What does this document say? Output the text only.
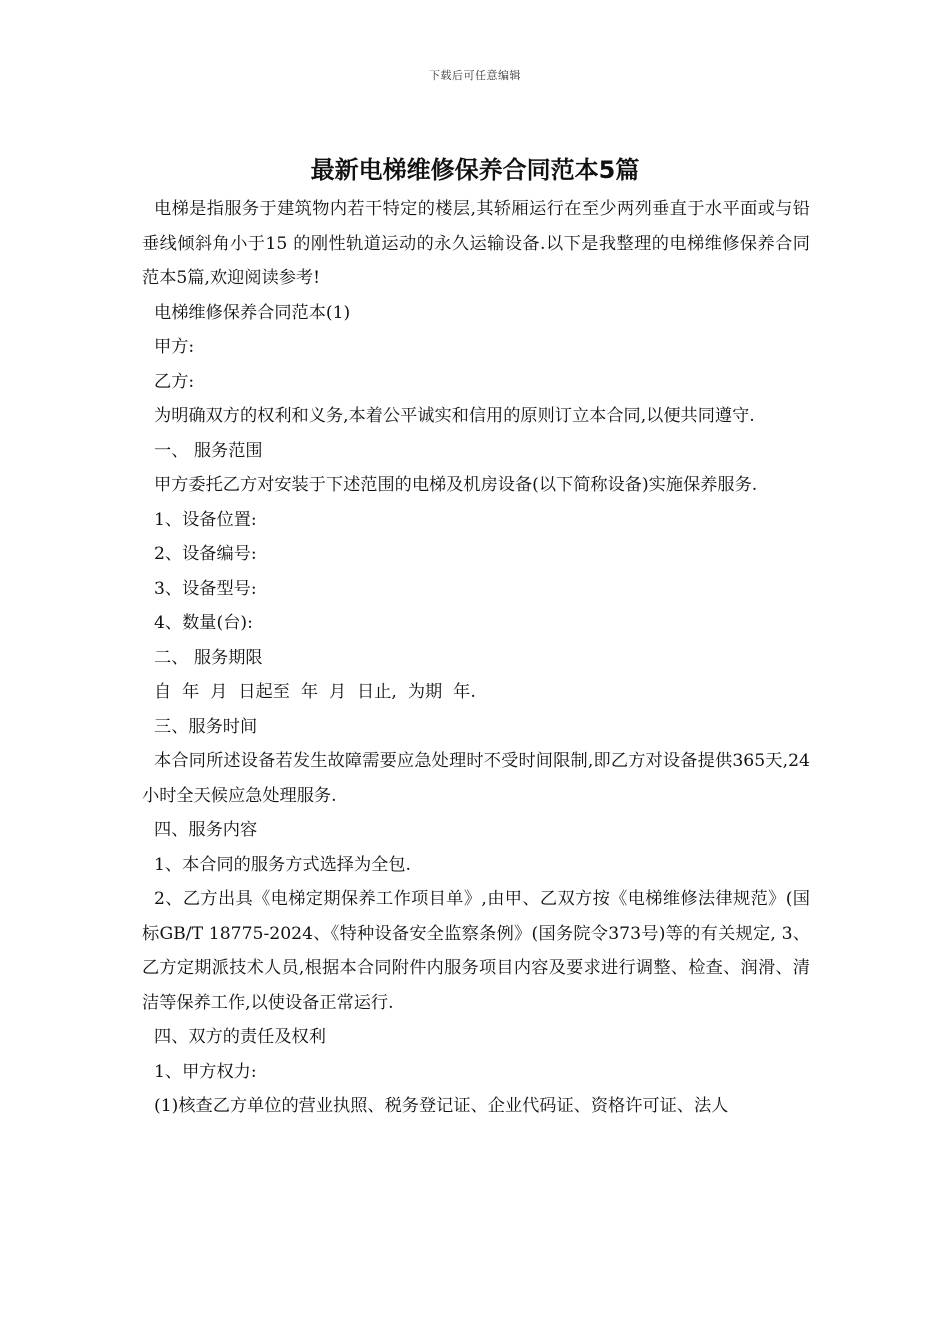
下载后可任意编辑
最新电梯维修保养合同范本5篇

电梯是指服务于建筑物内若干特定的楼层,其轿厢运行在至少两列垂直于水平面或与铅垂线倾斜角小于15 的刚性轨道运动的永久运输设备.以下是我整理的电梯维修保养合同范本5篇,欢迎阅读参考!

电梯维修保养合同范本(1)

甲方:

乙方:

为明确双方的权利和义务,本着公平诚实和信用的原则订立本合同,以便共同遵守.

一、 服务范围

甲方委托乙方对安装于下述范围的电梯及机房设备(以下简称设备)实施保养服务.

1、设备位置:

2、设备编号:

3、设备型号:

4、数量(台):

二、 服务期限

自  年  月  日起至  年  月  日止,  为期  年.

三、服务时间

本合同所述设备若发生故障需要应急处理时不受时间限制,即乙方对设备提供365天,24小时全天候应急处理服务.

四、服务内容

1、本合同的服务方式选择为全包.

2、乙方出具《电梯定期保养工作项目单》,由甲、乙双方按《电梯维修法律规范》(国标GB/T 18775-2024、《特种设备安全监察条例》(国务院令373号)等的有关规定, 3、乙方定期派技术人员,根据本合同附件内服务项目内容及要求进行调整、检查、润滑、清洁等保养工作,以使设备正常运行.

四、双方的责任及权利

1、甲方权力:

(1)核查乙方单位的营业执照、税务登记证、企业代码证、资格许可证、法人
